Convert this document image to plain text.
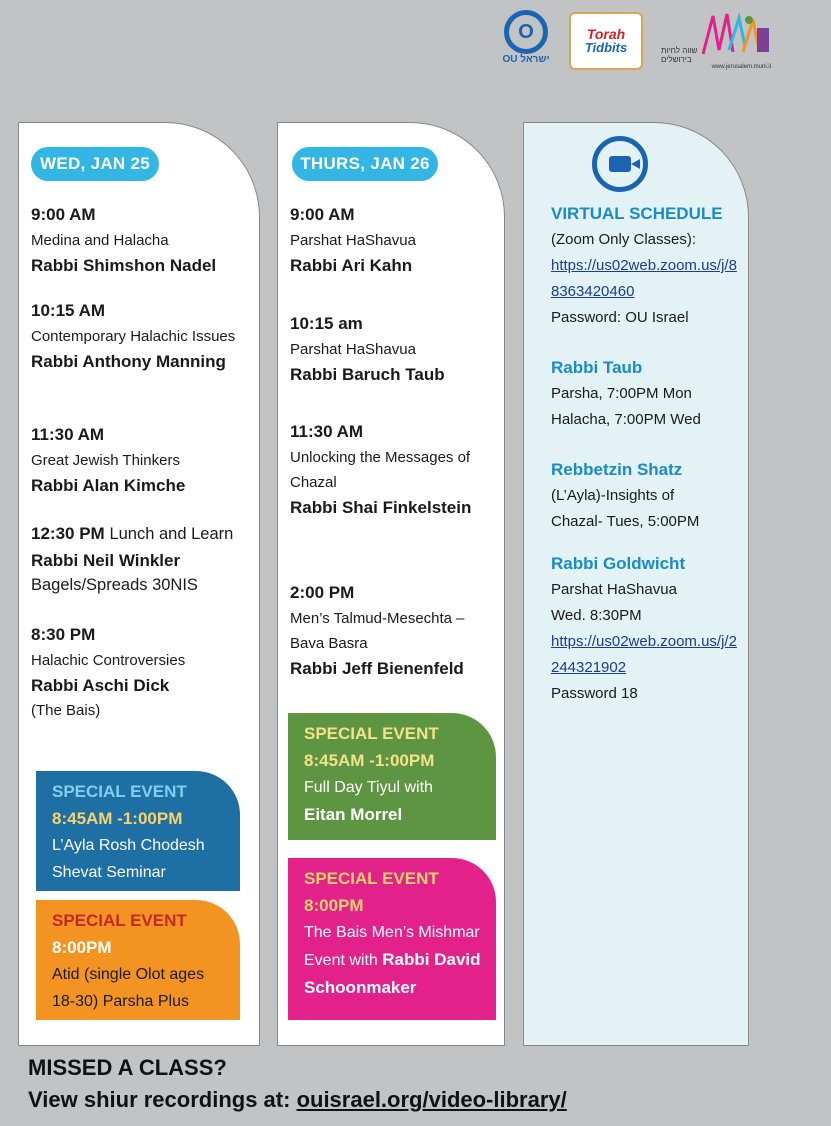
O
OU ישראל
Torah
Tidbits	שווה לחיות
בירושלים
www.jerusalem.muni.il
WED, JAN 25
9:00 AM
Medina and Halacha
Rabbi Shimshon Nadel
10:15 AM
Contemporary Halachic Issues Rabbi Anthony Manning
11:30 AM
Great Jewish Thinkers
Rabbi Alan Kimche
12:30 PM Lunch and Learn
Rabbi Neil Winkler
Bagels/Spreads 30NIS
8:30 PM
Halachic Controversies
Rabbi Aschi Dick
(The Bais)
SPECIAL EVENT
8:45AM -1:00PM
L’Ayla Rosh Chodesh Shevat Seminar
SPECIAL EVENT
8:00PM
Atid (single Olot ages 18-30) Parsha Plus
THURS, JAN 26
9:00 AM
Parshat HaShavua
Rabbi Ari Kahn
10:15 am
Parshat HaShavua
Rabbi Baruch Taub
11:30 AM
Unlocking the Messages of Chazal
Rabbi Shai Finkelstein
2:00 PM
Men’s Talmud-Mesechta – Bava Basra
Rabbi Jeff Bienenfeld
SPECIAL EVENT
8:45AM -1:00PM
Full Day Tiyul with
Eitan Morrel
SPECIAL EVENT
8:00PM
The Bais Men’s Mishmar Event with Rabbi David Schoonmaker
VIRTUAL SCHEDULE
(Zoom Only Classes):
https://us02web.zoom.us/j/88363420460
Password: OU Israel
Rabbi Taub
Parsha, 7:00PM Mon
Halacha, 7:00PM Wed
Rebbetzin Shatz
(L’Ayla)-Insights of
Chazal- Tues, 5:00PM
Rabbi Goldwicht
Parshat HaShavua
Wed. 8:30PM
https://us02web.zoom.us/j/2244321902
Password 18
MISSED A CLASS?
View shiur recordings at: ouisrael.org/video-library/
